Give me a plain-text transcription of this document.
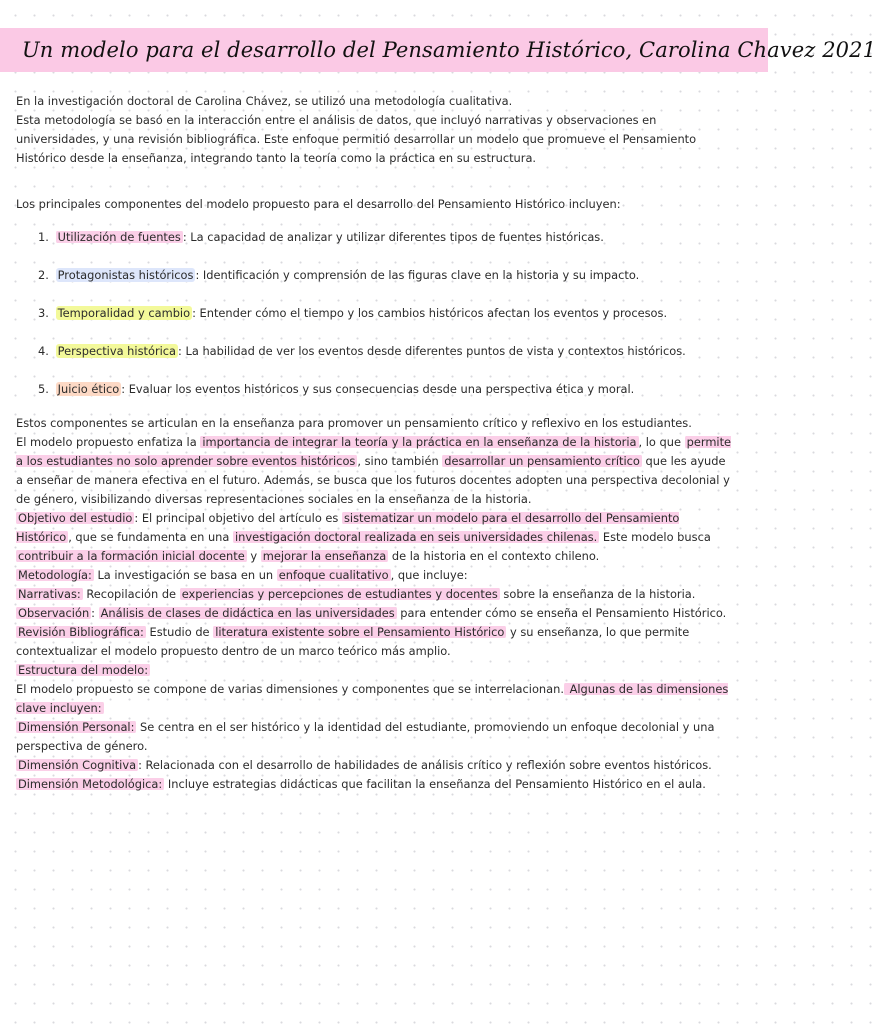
Un modelo para el desarrollo del Pensamiento Histórico, Carolina Chavez 2021

En la investigación doctoral de Carolina Chávez, se utilizó una metodología cualitativa.

Esta metodología se basó en la interacción entre el análisis de datos, que incluyó narrativas y observaciones en universidades, y una revisión bibliográfica. Este enfoque permitió desarrollar un modelo que promueve el Pensamiento Histórico desde la enseñanza, integrando tanto la teoría como la práctica en su estructura.

Los principales componentes del modelo propuesto para el desarrollo del Pensamiento Histórico incluyen:

1. Utilización de fuentes : La capacidad de analizar y utilizar diferentes tipos de fuentes históricas.
2. Protagonistas históricos : Identificación y comprensión de las figuras clave en la historia y su impacto.
3. Temporalidad y cambio : Entender cómo el tiempo y los cambios históricos afectan los eventos y procesos.
4. Perspectiva histórica : La habilidad de ver los eventos desde diferentes puntos de vista y contextos históricos.
5. Juicio ético : Evaluar los eventos históricos y sus consecuencias desde una perspectiva ética y moral.

Estos componentes se articulan en la enseñanza para promover un pensamiento crítico y reflexivo en los estudiantes.

El modelo propuesto enfatiza la importancia de integrar la teoría y la práctica en la enseñanza de la historia , lo que permite a los estudiantes no solo aprender sobre eventos históricos , sino también desarrollar un pensamiento crítico que les ayude a enseñar de manera efectiva en el futuro. Además, se busca que los futuros docentes adopten una perspectiva decolonial y de género, visibilizando diversas representaciones sociales en la enseñanza de la historia.

Objetivo del estudio : El principal objetivo del artículo es sistematizar un modelo para el desarrollo del Pensamiento Histórico , que se fundamenta en una investigación doctoral realizada en seis universidades chilenas. Este modelo busca contribuir a la formación inicial docente y mejorar la enseñanza de la historia en el contexto chileno.

Metodología: La investigación se basa en un enfoque cualitativo , que incluye:

Narrativas: Recopilación de experiencias y percepciones de estudiantes y docentes sobre la enseñanza de la historia.

Observación : Análisis de clases de didáctica en las universidades para entender cómo se enseña el Pensamiento Histórico.

Revisión Bibliográfica: Estudio de literatura existente sobre el Pensamiento Histórico y su enseñanza, lo que permite contextualizar el modelo propuesto dentro de un marco teórico más amplio.

Estructura del modelo:

El modelo propuesto se compone de varias dimensiones y componentes que se interrelacionan. Algunas de las dimensiones clave incluyen:

Dimensión Personal: Se centra en el ser histórico y la identidad del estudiante, promoviendo un enfoque decolonial y una perspectiva de género.

Dimensión Cognitiva : Relacionada con el desarrollo de habilidades de análisis crítico y reflexión sobre eventos históricos.

Dimensión Metodológica: Incluye estrategias didácticas que facilitan la enseñanza del Pensamiento Histórico en el aula.
